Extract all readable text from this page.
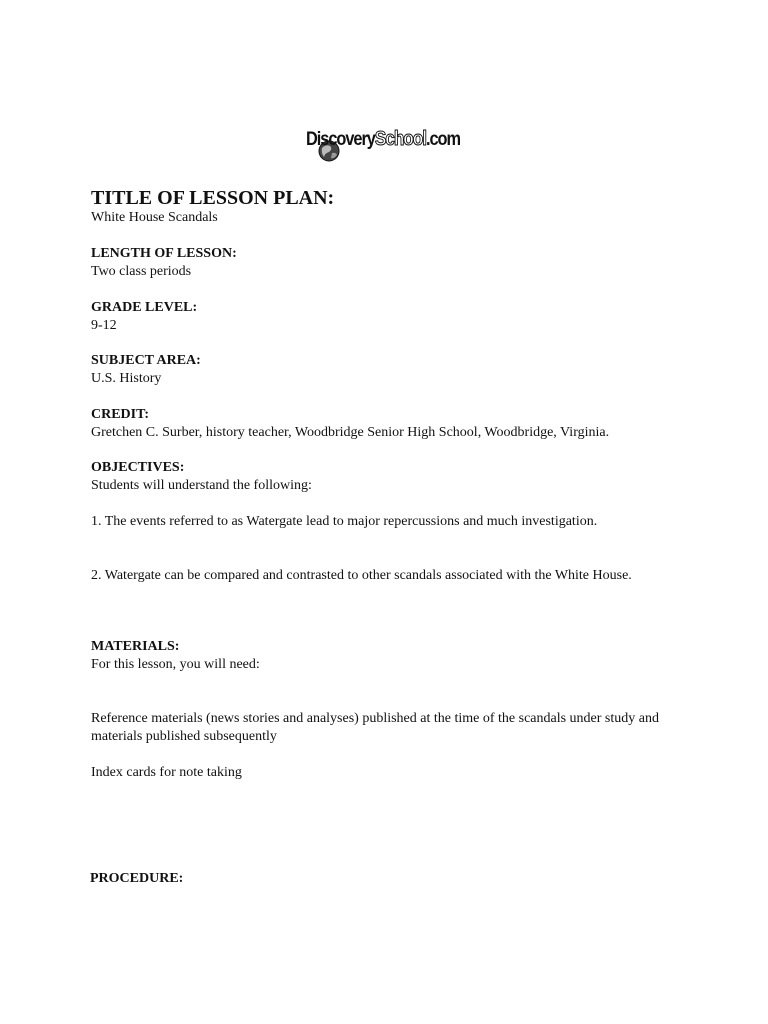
DiscoverySchool.com
TITLE OF LESSON PLAN:
White House Scandals
LENGTH OF LESSON:
Two class periods
GRADE LEVEL:
9-12
SUBJECT AREA:
U.S. History
CREDIT:
Gretchen C. Surber, history teacher, Woodbridge Senior High School, Woodbridge, Virginia.
OBJECTIVES:
Students will understand the following:
1. The events referred to as Watergate lead to major repercussions and much investigation.
2. Watergate can be compared and contrasted to other scandals associated with the White House.
MATERIALS:
For this lesson, you will need:
Reference materials (news stories and analyses) published at the time of the scandals under study and materials published subsequently
Index cards for note taking
PROCEDURE:
